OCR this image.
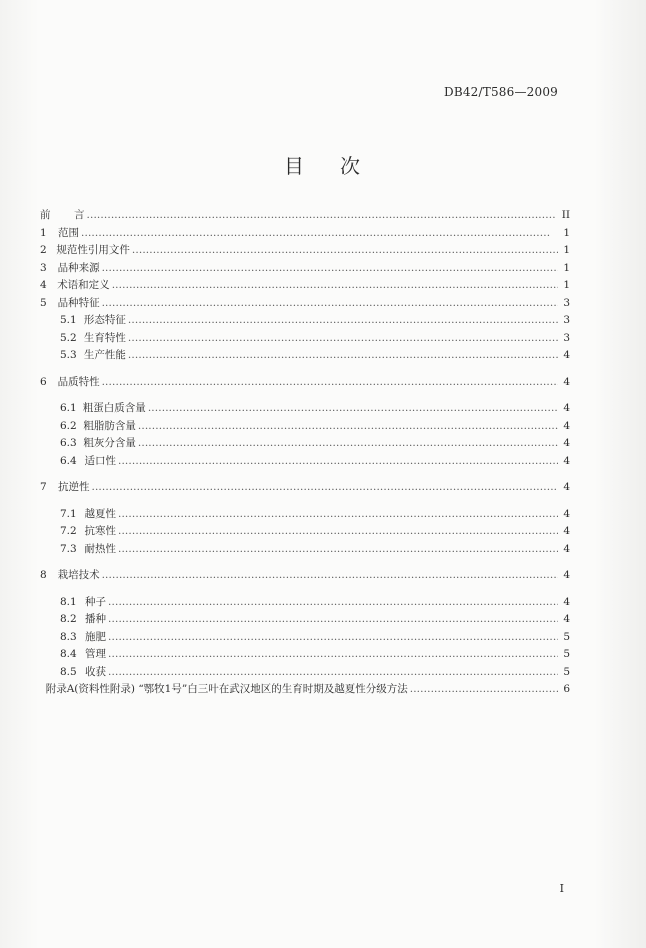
DB42/T586—2009
目 次
前	言 . . .	II
1	范围 . . .	1
2 规范性引用文件 . . .	1
3	品种来源 . . .	1
4	术语和定义 . . .	1
5	品种特征 . . .	3
5.1 形态特征 . . .	3
5.2 生育特性 . . .	3
5.3 生产性能 . . .	4
6	品质特性 . . .	4
6.1 粗蛋白质含量 . . .	4
6.2 粗脂肪含量 . . .	4
6.3 粗灰分含量 . . .	4
6.4 适口性 . . .	4
7	抗逆性 . . .	4
7.1 越夏性 . . .	4
7.2 抗寒性 . . .	4
7.3 耐热性 . . .	4
8	栽培技术 . . .	4
8.1 种子 . . .	4
8.2 播种 . . .	4
8.3 施肥 . . .	5
8.4 管理 . . .	5
8.5 收获 . . .	5
附录A(资料性附录) “鄂牧1号”白三叶在武汉地区的生育时期及越夏性分级方法 . . .	6
I
